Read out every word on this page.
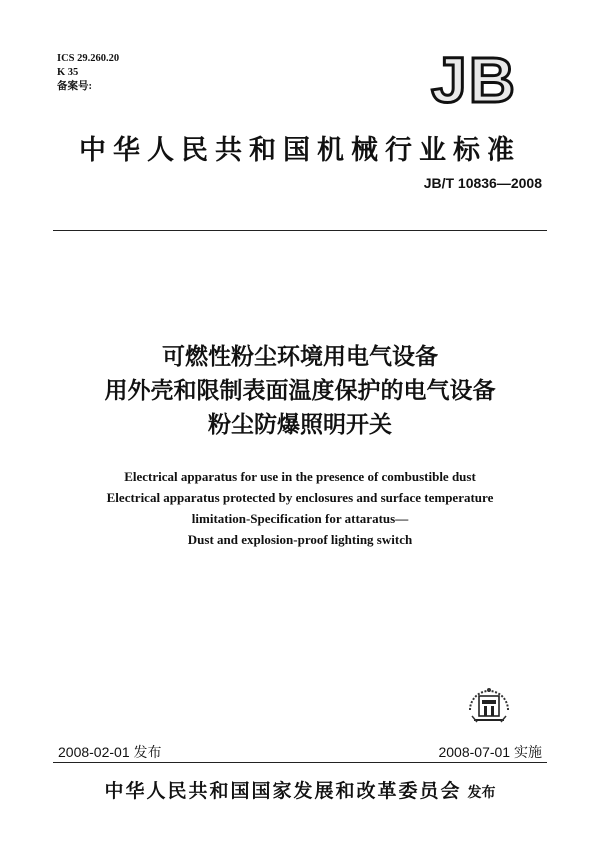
ICS 29.260.20
K 35
备案号:	JB
中华人民共和国机械行业标准
JB/T 10836—2008
可燃性粉尘环境用电气设备
用外壳和限制表面温度保护的电气设备
粉尘防爆照明开关
Electrical apparatus for use in the presence of combustible dust
Electrical apparatus protected by enclosures and surface temperature
limitation-Specification for attaratus—
Dust and explosion-proof lighting switch
2008-02-01 发布	2008-07-01 实施
中华人民共和国国家发展和改革委员会 发布
